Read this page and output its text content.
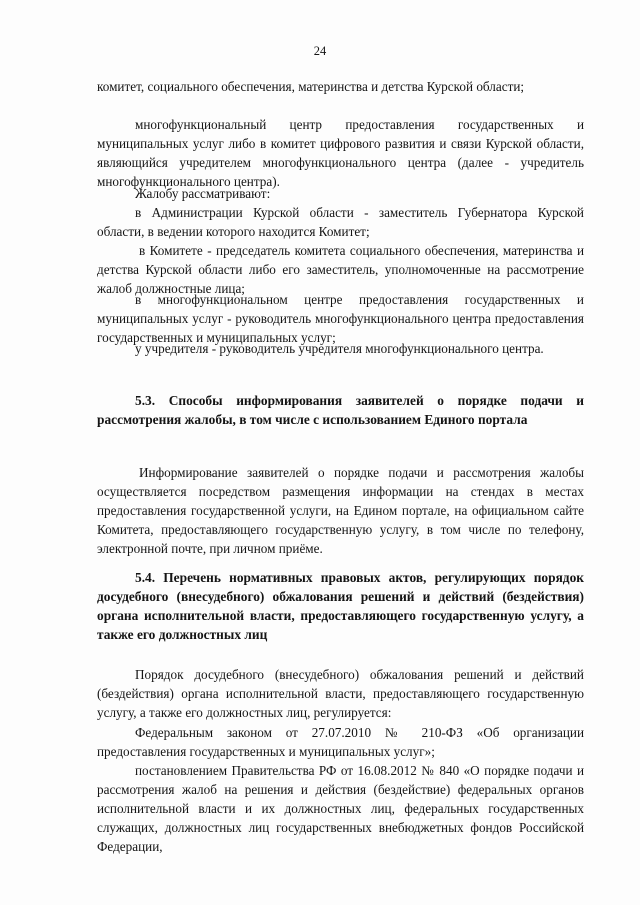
24

комитет, социального обеспечения, материнства и детства Курской области;

многофункциональный центр предоставления государственных и муниципальных услуг либо в комитет цифрового развития и связи Курской области, являющийся учредителем многофункционального центра (далее - учредитель многофункционального центра).

Жалобу рассматривают:

в Администрации Курской области - заместитель Губернатора Курской области, в ведении которого находится Комитет;

в Комитете - председатель комитета социального обеспечения, материнства и детства Курской области либо его заместитель, уполномоченные на рассмотрение жалоб должностные лица;

в многофункциональном центре предоставления государственных и муниципальных услуг - руководитель многофункционального центра предоставления государственных и муниципальных услуг;

у учредителя - руководитель учредителя многофункционального центра.

5.3. Способы информирования заявителей о порядке подачи и рассмотрения жалобы, в том числе с использованием Единого портала

Информирование заявителей о порядке подачи и рассмотрения жалобы осуществляется посредством размещения информации на стендах в местах предоставления государственной услуги, на Едином портале, на официальном сайте Комитета, предоставляющего государственную услугу, в том числе по телефону, электронной почте, при личном приёме.

5.4. Перечень нормативных правовых актов, регулирующих порядок досудебного (внесудебного) обжалования решений и действий (бездействия) органа исполнительной власти, предоставляющего государственную услугу, а также его должностных лиц

Порядок досудебного (внесудебного) обжалования решений и действий (бездействия) органа исполнительной власти, предоставляющего государственную услугу, а также его должностных лиц, регулируется:

Федеральным законом от 27.07.2010 № 210-ФЗ «Об организации предоставления государственных и муниципальных услуг»;

постановлением Правительства РФ от 16.08.2012 № 840 «О порядке подачи и рассмотрения жалоб на решения и действия (бездействие) федеральных органов исполнительной власти и их должностных лиц, федеральных государственных служащих, должностных лиц государственных внебюджетных фондов Российской Федерации,
